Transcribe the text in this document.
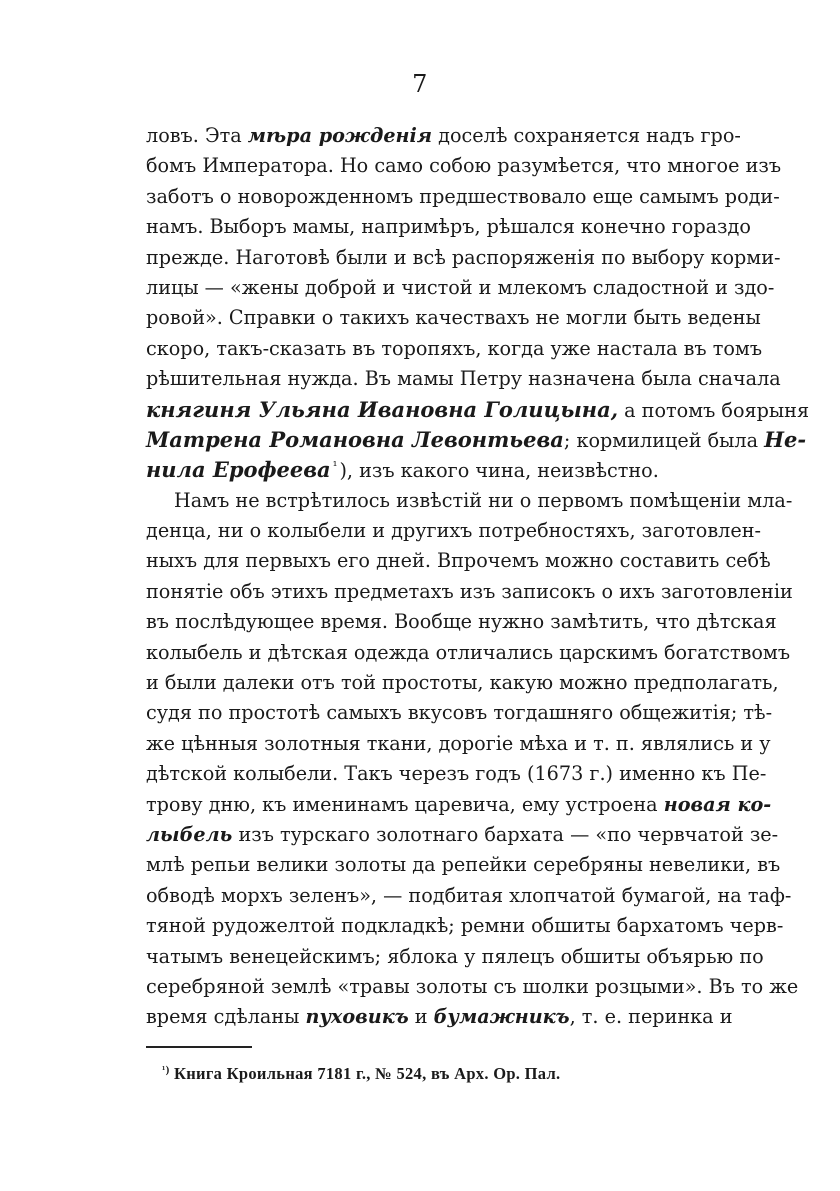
7
ловъ. Эта мѣра рожденія доселѣ сохраняется надъ гро-
бомъ Императора. Но само собою разумѣется, что многое изъ
заботъ о новорожденномъ предшествовало еще самымъ роди-
намъ. Выборъ мамы, напримѣръ, рѣшался конечно гораздо
прежде. Наготовѣ были и всѣ распоряженія по выбору корми-
лицы — «жены доброй и чистой и млекомъ сладостной и здо-
ровой». Справки о такихъ качествахъ не могли быть ведены
скоро, такъ-сказать въ торопяхъ, когда уже настала въ томъ
рѣшительная нужда. Въ мамы Петру назначена была сначала
княгиня Ульяна Ивановна Голицына, а потомъ боярыня
Матрена Романовна Левонтьева; кормилицей была Не-
нила Ерофеева $^{^1}$ ), изъ какого чина, неизвѣстно.
Намъ не встрѣтилось извѣстій ни о первомъ помѣщеніи мла-
денца, ни о колыбели и другихъ потребностяхъ, заготовлен-
ныхъ для первыхъ его дней. Впрочемъ можно составить себѣ
понятіе объ этихъ предметахъ изъ записокъ о ихъ заготовленіи
въ послѣдующее время. Вообще нужно замѣтить, что дѣтская
колыбель и дѣтская одежда отличались царскимъ богатствомъ
и были далеки отъ той простоты, какую можно предполагать,
судя по простотѣ самыхъ вкусовъ тогдашняго общежитія; тѣ-
же цѣнныя золотныя ткани, дорогіе мѣха и т. п. являлись и у
дѣтской колыбели. Такъ черезъ годъ (1673 г.) именно къ Пе-
трову дню, къ именинамъ царевича, ему устроена новая ко-
лыбель изъ турскаго золотнаго бархата — «по червчатой зе-
млѣ репьи велики золоты да репейки серебряны невелики, въ
обводѣ морхъ зеленъ», — подбитая хлопчатой бумагой, на таф-
тяной рудожелтой подкладкѣ; ремни обшиты бархатомъ черв-
чатымъ венецейскимъ; яблока у пялецъ обшиты объярью по
серебряной землѣ «травы золоты съ шолки розцыми». Въ то же
время сдѣланы пуховикъ и бумажникъ, т. е. перинка и
$^{^1)}$ Книга Кроильная 7181 г., № 524, въ Арх. Ор. Пал.
